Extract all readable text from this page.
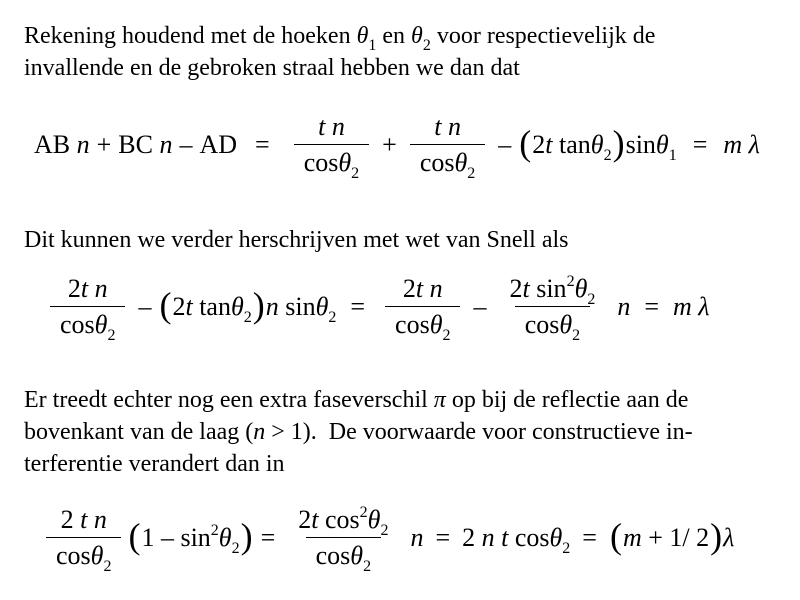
Rekening houdend met de hoeken $\theta_1$ en $\theta_2$ voor respectievelijk de
invallende en de gebroken straal hebben we dan dat
AB n + BC n – AD = $\frac{\text{t n}}{\cos\theta_2} + \frac{\text{t n}}{\cos\theta_2}$ – ( 2t tanθ$_2$ ) sinθ$_1$ = m λ
Dit kunnen we verder herschrijven met wet van Snell als
$\frac{\text{2t n}}{\cos\theta_2}$ – ( 2t tanθ$_2$ ) n $\sin\theta_2 = \frac{\text{2t n}}{\cos\theta_2} - \frac{2t \sin^2\theta_2}{\cos\theta_2}$ n = m λ
Er treedt echter nog een extra faseverschil π op bij de reflectie aan de
bovenkant van de laag (n > 1).  De voorwaarde voor constructieve in-
terferentie verandert dan in
$\frac{\text{2 t n}}{\cos\theta_2}$ ( $1 - \sin^2\theta_2$ ) = $\frac{2t \cos^2\theta_2}{\cos\theta_2}$ n = 2 n t cosθ$_2$ = ( m + 1/ 2 ) λ
